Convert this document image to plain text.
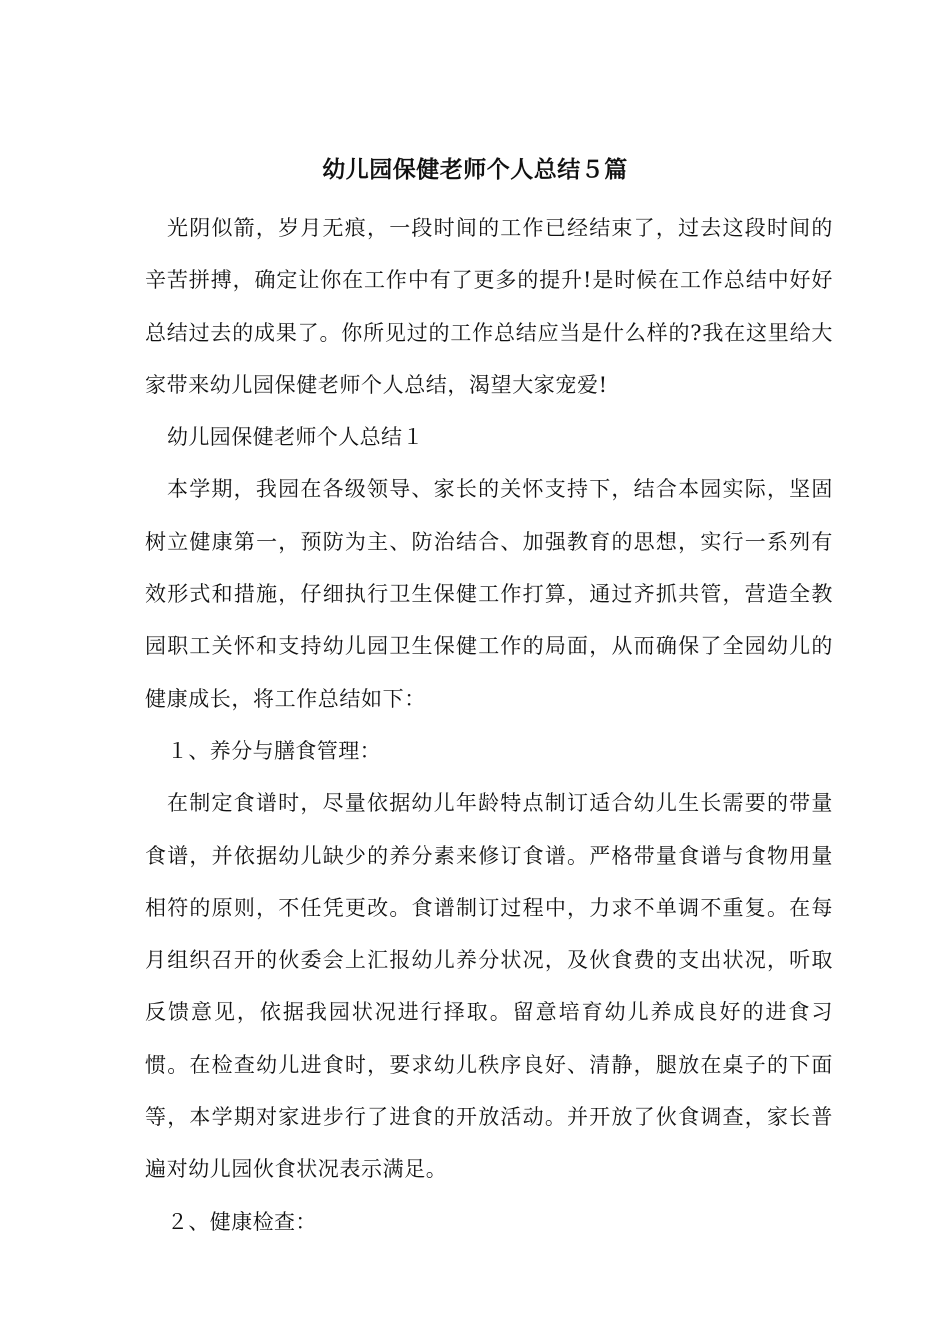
幼儿园保健老师个人总结５篇

光阴似箭，岁月无痕，一段时间的工作已经结束了，过去这段时间的辛苦拼搏，确定让你在工作中有了更多的提升!是时候在工作总结中好好总结过去的成果了。你所见过的工作总结应当是什么样的?我在这里给大家带来幼儿园保健老师个人总结，渴望大家宠爱!

幼儿园保健老师个人总结１

本学期，我园在各级领导、家长的关怀支持下，结合本园实际，坚固树立健康第一，预防为主、防治结合、加强教育的思想，实行一系列有效形式和措施，仔细执行卫生保健工作打算，通过齐抓共管，营造全教园职工关怀和支持幼儿园卫生保健工作的局面，从而确保了全园幼儿的健康成长，将工作总结如下：

１、养分与膳食管理：

在制定食谱时，尽量依据幼儿年龄特点制订适合幼儿生长需要的带量食谱，并依据幼儿缺少的养分素来修订食谱。严格带量食谱与食物用量相符的原则，不任凭更改。食谱制订过程中，力求不单调不重复。在每月组织召开的伙委会上汇报幼儿养分状况，及伙食费的支出状况，听取反馈意见，依据我园状况进行择取。留意培育幼儿养成良好的进食习惯。在检查幼儿进食时，要求幼儿秩序良好、清静，腿放在桌子的下面等，本学期对家进步行了进食的开放活动。并开放了伙食调查，家长普遍对幼儿园伙食状况表示满足。

２、健康检查：
